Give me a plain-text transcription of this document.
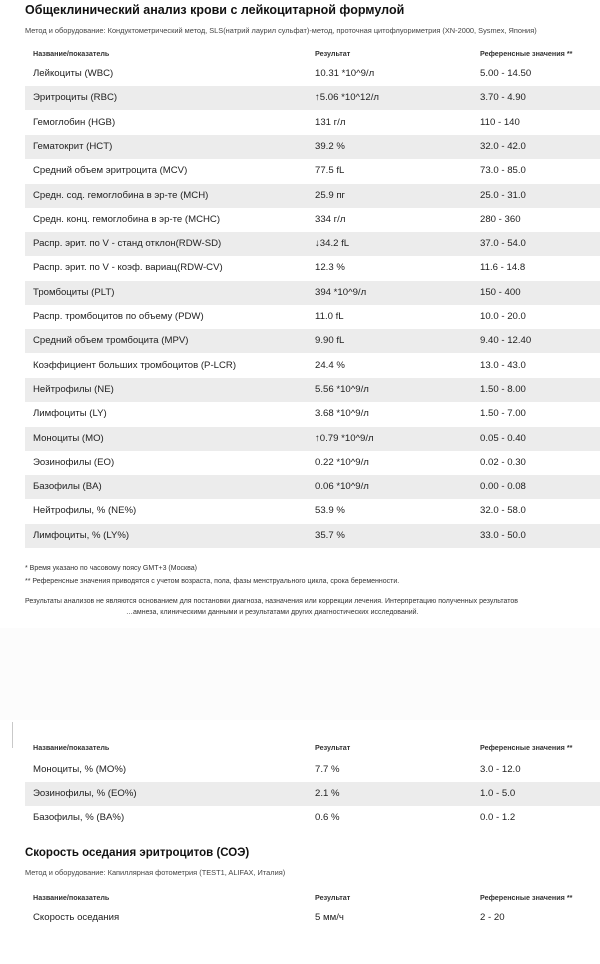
Общеклинический анализ крови с лейкоцитарной формулой
Метод и оборудование: Кондуктометрический метод, SLS(натрий лаурил сульфат)-метод, проточная цитофлуориметрия (XN-2000, Sysmex, Япония)
Название/показатель	Результат	Референсные значения **
Лейкоциты (WBC)	10.31 *10^9/л	5.00 - 14.50
Эритроциты (RBC)	↑5.06 *10^12/л	3.70 - 4.90
Гемоглобин (HGB)	131 г/л	110 - 140
Гематокрит (HCT)	39.2 %	32.0 - 42.0
Средний объем эритроцита (MCV)	77.5 fL	73.0 - 85.0
Средн. сод. гемоглобина в эр-те (MCH)	25.9 пг	25.0 - 31.0
Средн. конц. гемоглобина в эр-те (MCHC)	334 г/л	280 - 360
Распр. эрит. по V - станд отклон(RDW-SD)	↓34.2 fL	37.0 - 54.0
Распр. эрит. по V - коэф. вариац(RDW-CV)	12.3 %	11.6 - 14.8
Тромбоциты (PLT)	394 *10^9/л	150 - 400
Распр. тромбоцитов по объему (PDW)	11.0 fL	10.0 - 20.0
Средний объем тромбоцита (MPV)	9.90 fL	9.40 - 12.40
Коэффициент больших тромбоцитов (P-LCR)	24.4 %	13.0 - 43.0
Нейтрофилы (NE)	5.56 *10^9/л	1.50 - 8.00
Лимфоциты (LY)	3.68 *10^9/л	1.50 - 7.00
Моноциты (MO)	↑0.79 *10^9/л	0.05 - 0.40
Эозинофилы (EO)	0.22 *10^9/л	0.02 - 0.30
Базофилы (BA)	0.06 *10^9/л	0.00 - 0.08
Нейтрофилы, % (NE%)	53.9 %	32.0 - 58.0
Лимфоциты, % (LY%)	35.7 %	33.0 - 50.0
* Время указано по часовому поясу GMT+3 (Москва)
** Референсные значения приводятся с учетом возраста, пола, фазы менструального цикла, срока беременности.
Результаты анализов не являются основанием для постановки диагноза, назначения или коррекции лечения. Интерпретацию полученных результатов
…амнеза, клиническими данными и результатами других диагностических исследований.
Название/показатель	Результат	Референсные значения **
Моноциты, % (MO%)	7.7 %	3.0 - 12.0
Эозинофилы, % (EO%)	2.1 %	1.0 - 5.0
Базофилы, % (BA%)	0.6 %	0.0 - 1.2
Скорость оседания эритроцитов (СОЭ)
Метод и оборудование: Капиллярная фотометрия (TEST1, ALIFAX, Италия)
Название/показатель	Результат	Референсные значения **
Скорость оседания	5 мм/ч	2 - 20
